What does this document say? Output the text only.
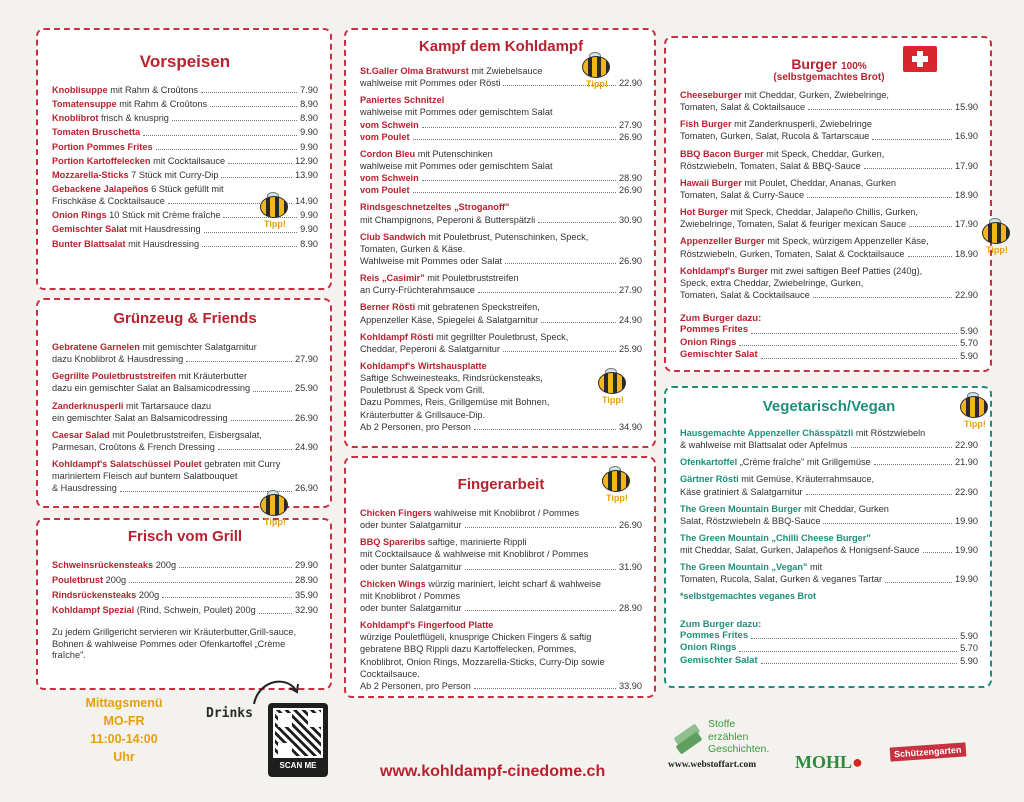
Vorspeisen
Knoblisuppe mit Rahm & Croûtons	7.90
Tomatensuppe mit Rahm & Croûtons	8.90
Knoblibrot frisch & knusprig	8.90
Tomaten Bruschetta	9.90
Portion Pommes Frites	9.90
Portion Kartoffelecken mit Cocktailsauce	12.90
Mozzarella-Sticks 7 Stück mit Curry-Dip	13.90
Gebackene Jalapeños 6 Stück gefüllt mit
Frischkäse & Cocktailsauce	14.90
Onion Rings 10 Stück mit Crème fraîche	9.90
Gemischter Salat mit Hausdressing	9.90
Bunter Blattsalat mit Hausdressing	8.90
Grünzeug & Friends
Gebratene Garnelen mit gemischter Salatgarnitur
dazu Knoblibrot & Hausdressing	27.90
Gegrillte Pouletbruststreifen mit Kräuterbutter
dazu ein gemischter Salat an Balsamicodressing	25.90
Zanderknusperli mit Tartarsauce dazu
ein gemischter Salat an Balsamicodressing	26.90
Caesar Salad mit Pouletbruststreifen, Eisbergsalat,
Parmesan, Croûtons & French Dressing	24.90
Kohldampf's Salatschüssel Poulet gebraten mit Curry
mariniertem Fleisch auf buntem Salatbouquet
& Hausdressing	26.90
Frisch vom Grill
Schweinsrückensteaks 200g	29.90
Pouletbrust 200g	28.90
Rindsrückensteaks 200g	35.90
Kohldampf Spezial (Rind, Schwein, Poulet) 200g	32.90
Zu jedem Grillgericht servieren wir Kräuterbutter,Grill-sauce, Bohnen & wahlweise Pommes oder Ofenkartoffel „Crème fraîche".
Kampf dem Kohldampf
St.Galler Olma Bratwurst mit Zwiebelsauce
wahlweise mit Pommes oder Rösti	22.90
Paniertes Schnitzel
wahlweise mit Pommes oder gemischtem Salat
vom Schwein	27.90
vom Poulet	26.90
Cordon Bleu mit Putenschinken
wahlweise mit Pommes oder gemischtem Salat
vom Schwein	28.90
vom Poulet	26.90
Rindsgeschnetzeltes „Stroganoff"
mit Champignons, Peperoni & Butterspätzli	30.90
Club Sandwich mit Pouletbrust, Putenschinken, Speck,
Tomaten, Gurken & Käse.
Wahlweise mit Pommes oder Salat	26.90
Reis „Casimir" mit Pouletbruststreifen
an Curry-Früchterahmsauce	27.90
Berner Rösti mit gebratenen Speckstreifen,
Appenzeller Käse, Spiegelei & Salatgarnitur	24.90
Kohldampf Rösti mit gegrillter Pouletbrust, Speck,
Cheddar, Peperoni & Salatgarnitur	25.90
Kohldampf's Wirtshausplatte
Saftige Schweinesteaks, Rindsrückensteaks,
Pouletbrust & Speck vom Grill.
Dazu Pommes, Reis, Grillgemüse mit Bohnen,
Kräuterbutter & Grillsauce-Dip.
Ab 2 Personen, pro Person	34.90
Fingerarbeit
Chicken Fingers wahlweise mit Knoblibrot / Pommes
oder bunter Salatgarnitur	26.90
BBQ Spareribs saftige, marinierte Rippli
mit Cocktailsauce & wahlweise mit Knoblibrot / Pommes
oder bunter Salatgarnitur	31.90
Chicken Wings würzig mariniert, leicht scharf & wahlweise
mit Knoblibrot / Pommes
oder bunter Salatgarnitur	28.90
Kohldampf's Fingerfood Platte
würzige Pouletflügeli, knusprige Chicken Fingers & saftig
gebratene BBQ Rippli dazu Kartoffelecken, Pommes,
Knoblibrot, Onion Rings, Mozzarella-Sticks, Curry-Dip sowie
Cocktailsauce.
Ab 2 Personen, pro Person	33.90
Burger 100%
(selbstgemachtes Brot)
Cheeseburger mit Cheddar, Gurken, Zwiebelringe,
Tomaten, Salat & Coktailsauce	15.90
Fish Burger mit Zanderknusperli, Zwiebelringe
Tomaten, Gurken, Salat, Rucola & Tartarscaue	16.90
BBQ Bacon Burger mit Speck, Cheddar, Gurken,
Röstzwiebeln, Tomaten, Salat & BBQ-Sauce	17.90
Hawaii Burger mit Poulet, Cheddar, Ananas, Gurken
Tomaten, Salat & Curry-Sauce	18.90
Hot Burger mit Speck, Cheddar, Jalapeño Chillis, Gurken,
Zwiebelringe, Tomaten, Salat & feuriger mexican Sauce	17.90
Appenzeller Burger mit Speck, würzigem Appenzeller Käse,
Röstzwiebeln, Gurken, Tomaten, Salat & Cocktailsauce	18.90
Kohldampf's Burger mit zwei saftigen Beef Patties (240g),
Speck, extra Cheddar, Zwiebelringe, Gurken,
Tomaten, Salat & Cocktailsauce	22.90
Zum Burger dazu:
Pommes Frites	5.90
Onion Rings	5.70
Gemischter Salat	5.90
Vegetarisch/Vegan
Hausgemachte Appenzeller Chässpätzli mit Röstzwiebeln
& wahlweise mit Blattsalat oder Apfelmus	22.90
Ofenkartoffel „Crème fraîche" mit Grillgemüse	21.90
Gärtner Rösti mit Gemüse, Kräuterrahmsauce,
Käse gratiniert & Salatgarnitur	22.90
The Green Mountain Burger mit Cheddar, Gurken
Salat, Röstzwiebeln & BBQ-Sauce	19.90
The Green Mountain „Chilli Cheese Burger"
mit Cheddar, Salat, Gurken, Jalapeños & Honigsenf-Sauce	19.90
The Green Mountain „Vegan" mit
Tomaten, Rucola, Salat, Gurken & veganes Tartar	19.90
*selbstgemachtes veganes Brot
Zum Burger dazu:
Pommes Frites	5.90
Onion Rings	5.70
Gemischter Salat	5.90
Tipp!
Tipp!
Tipp!
Tipp!
Tipp!
Tipp!
Tipp!
Mittagsmenü
MO-FR
11:00-14:00
Uhr
Drinks
SCAN ME	www.kohldampf-cinedome.ch
Stoffe
erzählen
Geschichten.
www.webstoffart.com MOHL●	Schützengarten
